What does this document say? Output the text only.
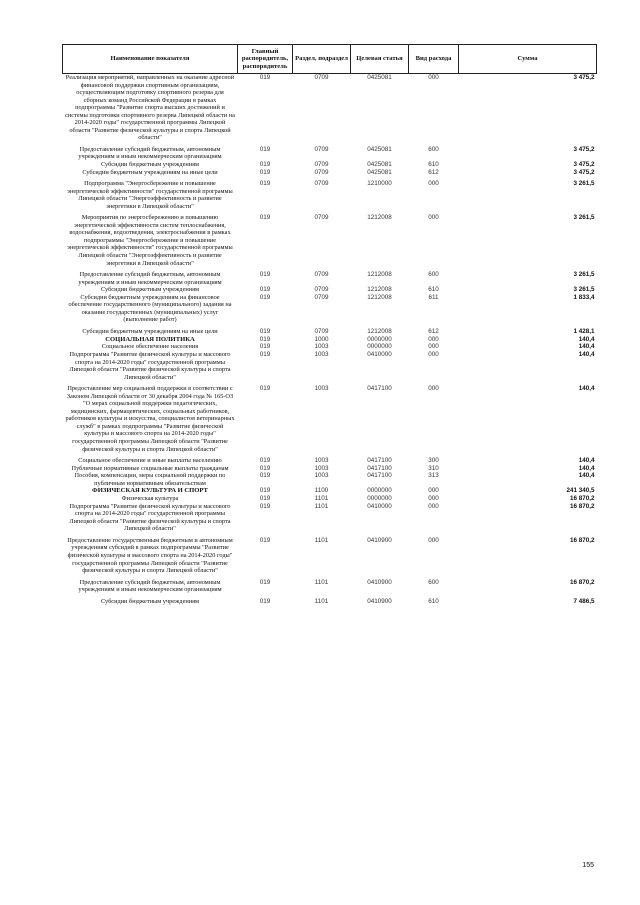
Наименование показателя	Главный распорядитель, распорядитель	Раздел, подраздел	Целевая статья	Вид расхода	Сумма
Реализация мероприятий, направленных на оказание адресной финансовой поддержки спортивным организациям, осуществляющим подготовку спортивного резерва для сборных команд Российской Федерации в рамках подпрограммы "Развитие спорта высших достижений и системы подготовки спортивного резерва Липецкой области на 2014-2020 годы" государственной программы Липецкой области "Развитие физической культуры и спорта Липецкой области"	019	0709	0425081	000	3 475,2
Предоставление субсидий бюджетным, автономным учреждениям и иным некоммерческим организациям	019	0709	0425081	600	3 475,2
Субсидии бюджетным учреждениям	019	0709	0425081	610	3 475,2
Субсидии бюджетным учреждениям на иные цели	019	0709	0425081	612	3 475,2
Подпрограмма "Энергосбережение и повышение энергетической эффективности" государственной программы Липецкой области "Энергоэффективность и развитие энергетики в Липецкой области"	019	0709	1210000	000	3 261,5
Мероприятия по энергосбережению и повышению энергетической эффективности систем теплоснабжения, водоснабжения, водоотведения, электроснабжения в рамках подпрограммы "Энергосбережение и повышение энергетической эффективности" государственной программы Липецкой области "Энергоэффективность и развитие энергетики в Липецкой области"	019	0709	1212008	000	3 261,5
Предоставление субсидий бюджетным, автономным учреждениям и иным некоммерческим организациям	019	0709	1212008	600	3 261,5
Субсидии бюджетным учреждениям	019	0709	1212008	610	3 261,5
Субсидии бюджетным учреждениям на финансовое обеспечение государственного (муниципального) задания на оказание государственных (муниципальных) услуг (выполнение работ)	019	0709	1212008	611	1 833,4
Субсидии бюджетным учреждениям на иные цели	019	0709	1212008	612	1 428,1
СОЦИАЛЬНАЯ ПОЛИТИКА	019	1000	0000000	000	140,4
Социальное обеспечение населения	019	1003	0000000	000	140,4
Подпрограмма "Развитие физической культуры и массового спорта на 2014-2020 годы" государственной программы Липецкой области "Развитие физической культуры и спорта Липецкой области"	019	1003	0410000	000	140,4
Предоставление мер социальной поддержки в соответствии с Законом Липецкой области от 30 декабря 2004 года № 165-ОЗ "О мерах социальной поддержки педагогических, медицинских, фармацевтических, социальных работников, работников культуры и искусства, специалистов ветеринарных служб" в рамках подпрограммы "Развитие физической культуры и массового спорта на 2014-2020 годы" государственной программы Липецкой области "Развитие физической культуры и спорта Липецкой области"	019	1003	0417100	000	140,4
Социальное обеспечение и иные выплаты населению	019	1003	0417100	300	140,4
Публичные нормативные социальные выплаты гражданам	019	1003	0417100	310	140,4
Пособия, компенсации, меры социальной поддержки по публичным нормативным обязательствам	019	1003	0417100	313	140,4
ФИЗИЧЕСКАЯ КУЛЬТУРА И СПОРТ	019	1100	0000000	000	241 340,5
Физическая культура	019	1101	0000000	000	16 870,2
Подпрограмма "Развитие физической культуры и массового спорта на 2014-2020 годы" государственной программы Липецкой области "Развитие физической культуры и спорта Липецкой области"	019	1101	0410000	000	16 870,2
Предоставление государственным бюджетным и автономным учреждениям субсидий в рамках подпрограммы "Развитие физической культуры и массового спорта на 2014-2020 годы" государственной программы Липецкой области "Развитие физической культуры и спорта Липецкой области"	019	1101	0410900	000	16 870,2
Предоставление субсидий бюджетным, автономным учреждениям и иным некоммерческим организациям	019	1101	0410900	600	16 870,2
Субсидии бюджетным учреждениям	019	1101	0410900	610	7 486,5
155
